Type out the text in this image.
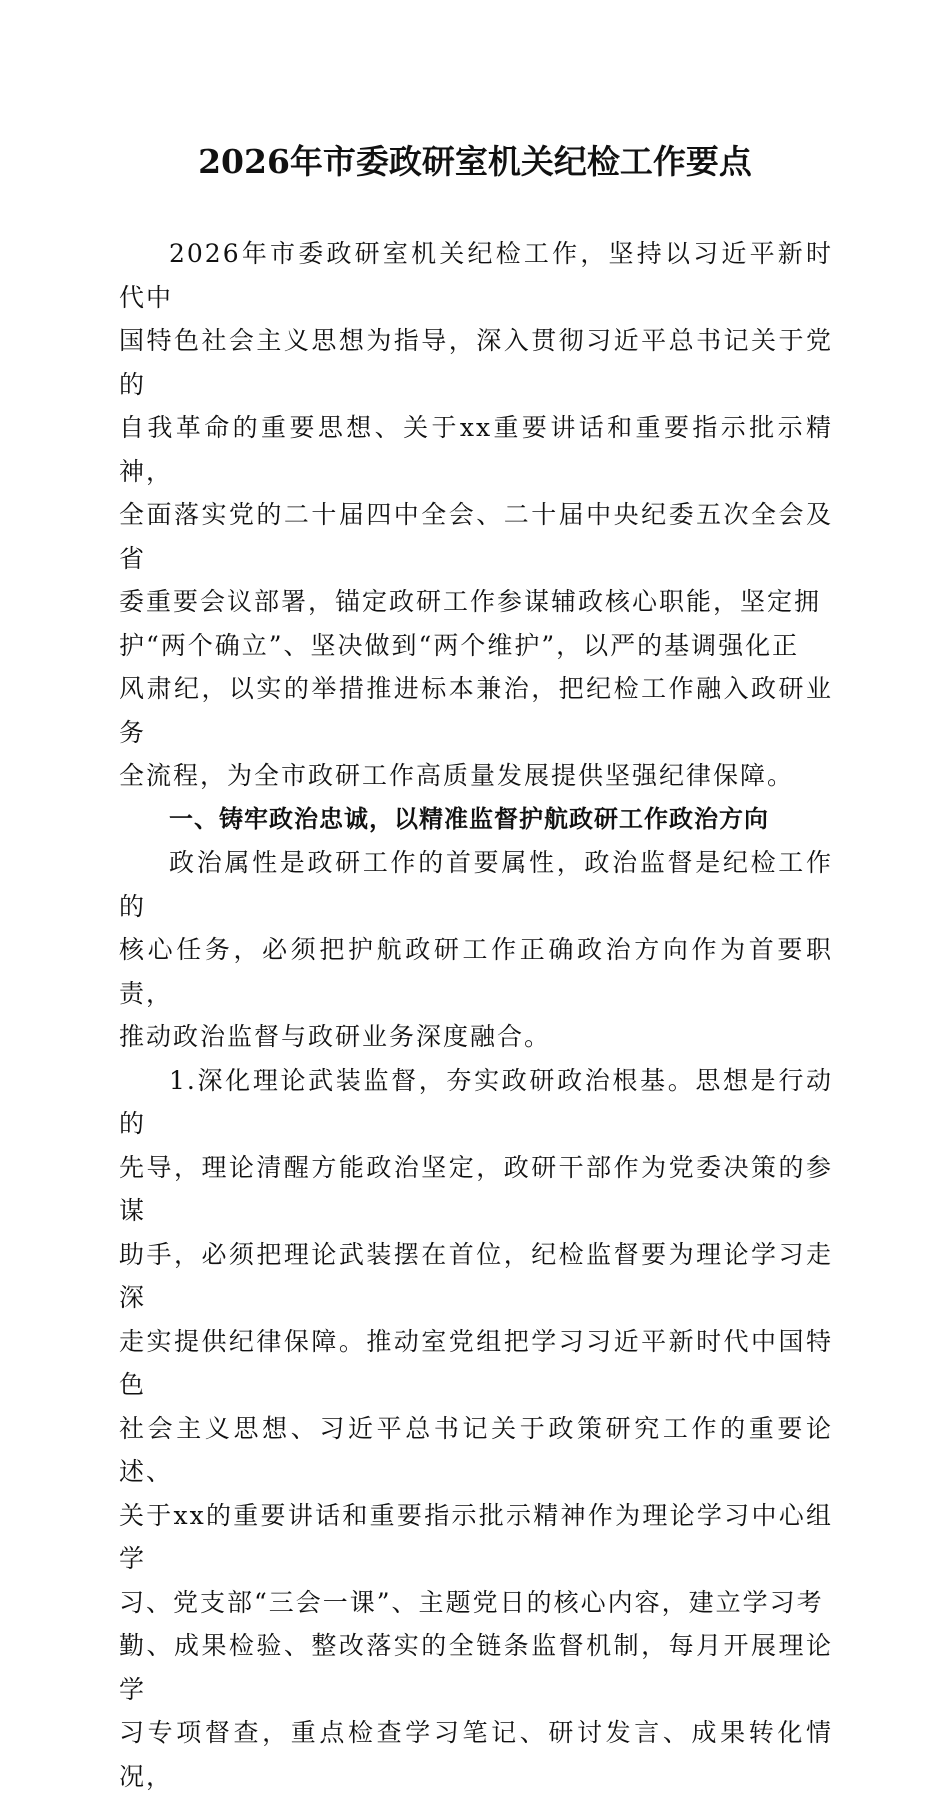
2026年市委政研室机关纪检工作要点

2026年市委政研室机关纪检工作，坚持以习近平新时代中
国特色社会主义思想为指导，深入贯彻习近平总书记关于党的
自我革命的重要思想、关于xx重要讲话和重要指示批示精神，
全面落实党的二十届四中全会、二十届中央纪委五次全会及省
委重要会议部署，锚定政研工作参谋辅政核心职能，坚定拥
护“两个确立”、坚决做到“两个维护”，以严的基调强化正
风肃纪，以实的举措推进标本兼治，把纪检工作融入政研业务
全流程，为全市政研工作高质量发展提供坚强纪律保障。

一、铸牢政治忠诚，以精准监督护航政研工作政治方向

政治属性是政研工作的首要属性，政治监督是纪检工作的
核心任务，必须把护航政研工作正确政治方向作为首要职责，
推动政治监督与政研业务深度融合。

1.深化理论武装监督，夯实政研政治根基。思想是行动的
先导，理论清醒方能政治坚定，政研干部作为党委决策的参谋
助手，必须把理论武装摆在首位，纪检监督要为理论学习走深
走实提供纪律保障。推动室党组把学习习近平新时代中国特色
社会主义思想、习近平总书记关于政策研究工作的重要论述、
关于xx的重要讲话和重要指示批示精神作为理论学习中心组学
习、党支部“三会一课”、主题党日的核心内容，建立学习考
勤、成果检验、整改落实的全链条监督机制，每月开展理论学
习专项督查，重点检查学习笔记、研讨发言、成果转化情况，
